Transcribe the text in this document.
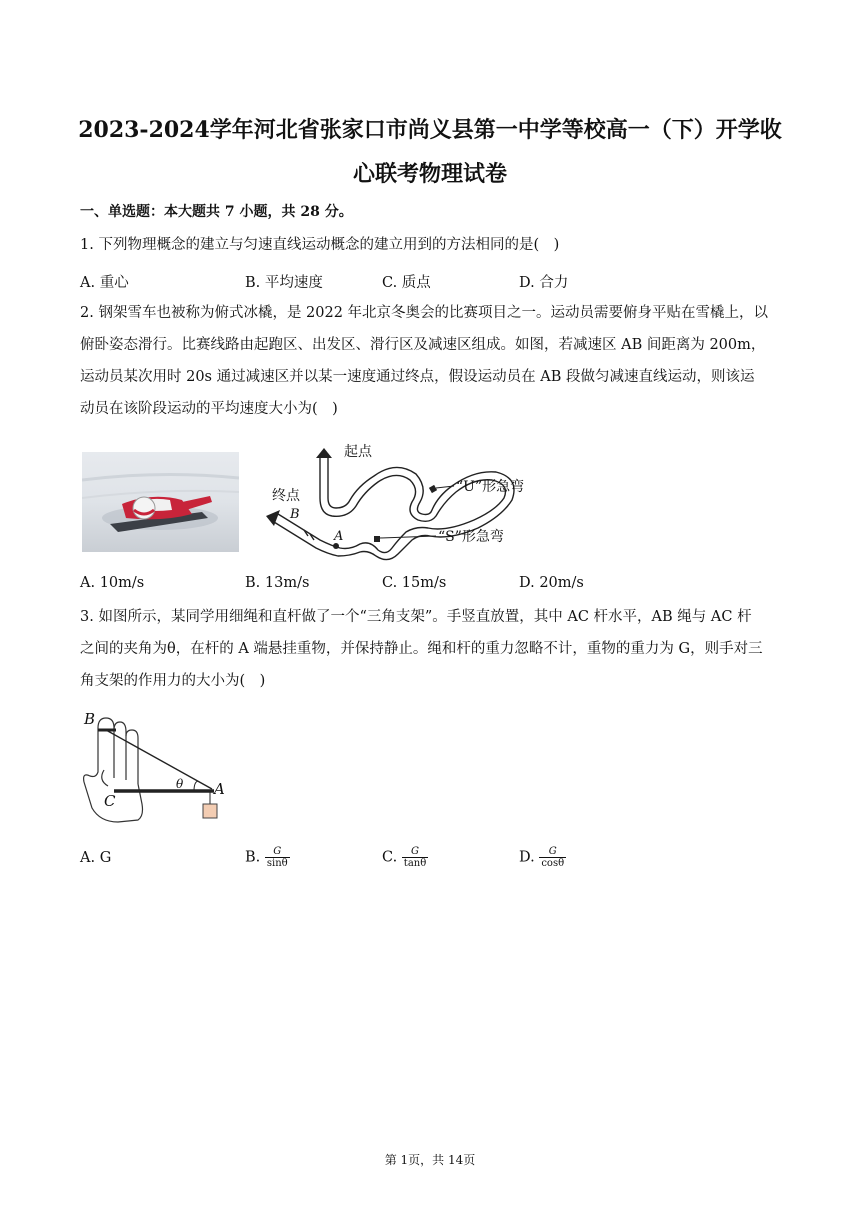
2023-2024学年河北省张家口市尚义县第一中学等校高一（下）开学收
心联考物理试卷
一、单选题：本大题共 7 小题，共 28 分。
1. 下列物理概念的建立与匀速直线运动概念的建立用到的方法相同的是(　)
A. 重心	B. 平均速度	C. 质点	D. 合力
2. 钢架雪车也被称为俯式冰橇，是 2022 年北京冬奥会的比赛项目之一。运动员需要俯身平贴在雪橇上，以
俯卧姿态滑行。比赛线路由起跑区、出发区、滑行区及减速区组成。如图，若减速区 AB 间距离为 200m，
运动员某次用时 20s 通过减速区并以某一速度通过终点，假设运动员在 AB 段做匀减速直线运动，则该运
动员在该阶段运动的平均速度大小为(　)
起点
终点
“U”形急弯
“S”形急弯
B
A
A. 10m/s	B. 13m/s	C. 15m/s	D. 20m/s
3. 如图所示，某同学用细绳和直杆做了一个“三角支架”。手竖直放置，其中 AC 杆水平，AB 绳与 AC 杆
之间的夹角为θ，在杆的 A 端悬挂重物，并保持静止。绳和杆的重力忽略不计，重物的重力为 G，则手对三
角支架的作用力的大小为(　)
B
C
A
θ
A. G	B. $\frac{G}{\sin\theta}$	C. $\frac{G}{\tan\theta}$	D. $\frac{G}{\cos\theta}$
第 1页，共 14页
